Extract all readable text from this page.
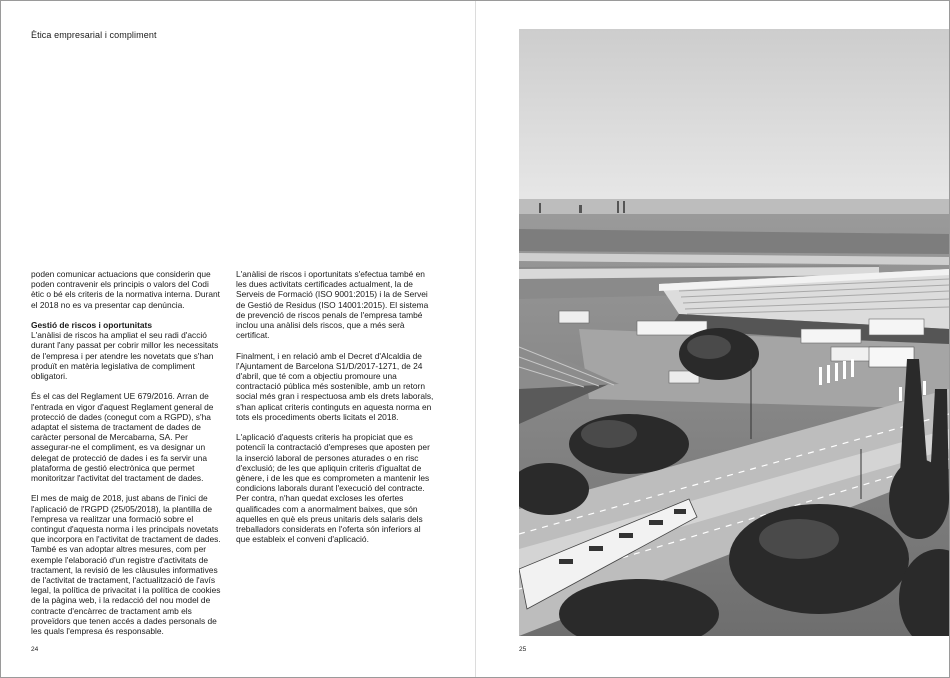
Ètica empresarial i compliment

poden comunicar actuacions que considerin que poden contravenir els principis o valors del Codi ètic o bé els criteris de la normativa interna. Durant el 2018 no es va presentar cap denúncia.

Gestió de riscos i oportunitats
L'anàlisi de riscos ha ampliat el seu radi d'acció durant l'any passat per cobrir millor les necessitats de l'empresa i per atendre les novetats que s'han produït en matèria legislativa de compliment obligatori.

És el cas del Reglament UE 679/2016. Arran de l'entrada en vigor d'aquest Reglament general de protecció de dades (conegut com a RGPD), s'ha adaptat el sistema de tractament de dades de caràcter personal de Mercabarna, SA. Per assegurar-ne el compliment, es va designar un delegat de protecció de dades i es fa servir una plataforma de gestió electrònica que permet monitoritzar l'activitat del tractament de dades.

El mes de maig de 2018, just abans de l'inici de l'aplicació de l'RGPD (25/05/2018), la plantilla de l'empresa va realitzar una formació sobre el contingut d'aquesta norma i les principals novetats que incorpora en l'activitat de tractament de dades. També es van adoptar altres mesures, com per exemple l'elaboració d'un registre d'activitats de tractament, la revisió de les clàusules informatives de l'activitat de tractament, l'actualització de l'avís legal, la política de privacitat i la política de cookies de la pàgina web, i la redacció del nou model de contracte d'encàrrec de tractament amb els proveïdors que tenen accés a dades personals de les quals l'empresa és responsable.

L'anàlisi de riscos i oportunitats s'efectua també en les dues activitats certificades actualment, la de Serveis de Formació (ISO 9001:2015) i la de Servei de Gestió de Residus (ISO 14001:2015). El sistema de prevenció de riscos penals de l'empresa també inclou una anàlisi dels riscos, que a més serà certificat.

Finalment, i en relació amb el Decret d'Alcaldia de l'Ajuntament de Barcelona S1/D/2017-1271, de 24 d'abril, que té com a objectiu promoure una contractació pública més sostenible, amb un retorn social més gran i respectuosa amb els drets laborals, s'han aplicat criteris continguts en aquesta norma en tots els procediments oberts licitats el 2018.

L'aplicació d'aquests criteris ha propiciat que es potenciï la contractació d'empreses que aposten per la inserció laboral de persones aturades o en risc d'exclusió; de les que apliquin criteris d'igualtat de gènere, i de les que es comprometen a mantenir les condicions laborals durant l'execució del contracte. Per contra, n'han quedat excloses les ofertes qualificades com a anormalment baixes, que són aquelles en què els preus unitaris dels salaris dels treballadors considerats en l'oferta són inferiors al que estableix el conveni d'aplicació.

24	25
